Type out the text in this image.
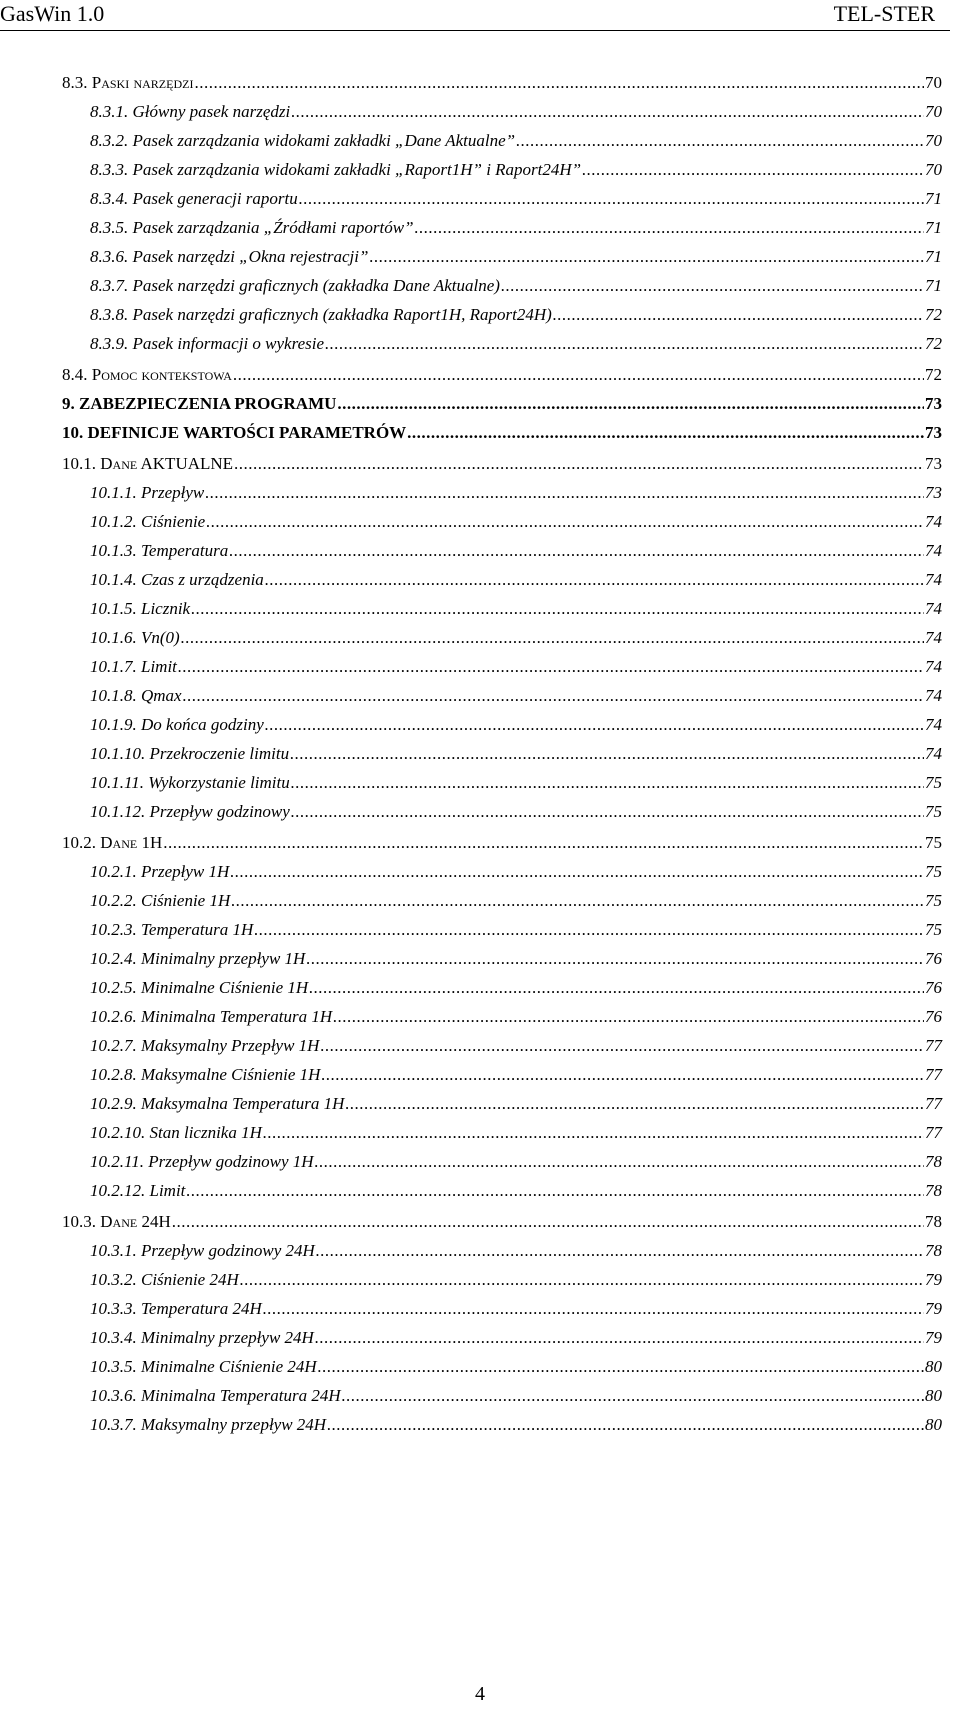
GasWin 1.0	TEL-STER
8.3. Paski narzędzi .....	70
8.3.1. Główny pasek narzędzi .....	70
8.3.2. Pasek zarządzania widokami zakładki „Dane Aktualne” .....	70
8.3.3. Pasek zarządzania widokami zakładki „Raport1H” i Raport24H” .....	70
8.3.4. Pasek generacji raportu .....	71
8.3.5. Pasek zarządzania „Źródłami raportów” .....	71
8.3.6. Pasek narzędzi „Okna rejestracji” .....	71
8.3.7. Pasek narzędzi graficznych (zakładka Dane Aktualne) .....	71
8.3.8. Pasek narzędzi graficznych (zakładka Raport1H, Raport24H) .....	72
8.3.9. Pasek informacji o wykresie .....	72
8.4. Pomoc kontekstowa .....	72
9. ZABEZPIECZENIA PROGRAMU .....	73
10. DEFINICJE WARTOŚCI PARAMETRÓW .....	73
10.1. Dane AKTUALNE .....	73
10.1.1. Przepływ .....	73
10.1.2. Ciśnienie .....	74
10.1.3. Temperatura .....	74
10.1.4. Czas z urządzenia .....	74
10.1.5. Licznik .....	74
10.1.6. Vn(0) .....	74
10.1.7. Limit .....	74
10.1.8. Qmax .....	74
10.1.9. Do końca godziny .....	74
10.1.10. Przekroczenie limitu .....	74
10.1.11. Wykorzystanie limitu .....	75
10.1.12. Przepływ godzinowy .....	75
10.2. Dane 1H .....	75
10.2.1. Przepływ 1H .....	75
10.2.2. Ciśnienie 1H .....	75
10.2.3. Temperatura 1H .....	75
10.2.4. Minimalny przepływ 1H .....	76
10.2.5. Minimalne Ciśnienie 1H .....	76
10.2.6. Minimalna Temperatura 1H .....	76
10.2.7. Maksymalny Przepływ 1H .....	77
10.2.8. Maksymalne Ciśnienie 1H .....	77
10.2.9. Maksymalna Temperatura 1H .....	77
10.2.10. Stan licznika 1H .....	77
10.2.11. Przepływ godzinowy 1H .....	78
10.2.12. Limit .....	78
10.3. Dane 24H .....	78
10.3.1. Przepływ godzinowy 24H .....	78
10.3.2. Ciśnienie 24H .....	79
10.3.3. Temperatura 24H .....	79
10.3.4. Minimalny przepływ 24H .....	79
10.3.5. Minimalne Ciśnienie 24H .....	80
10.3.6. Minimalna Temperatura 24H .....	80
10.3.7. Maksymalny przepływ 24H .....	80
4
